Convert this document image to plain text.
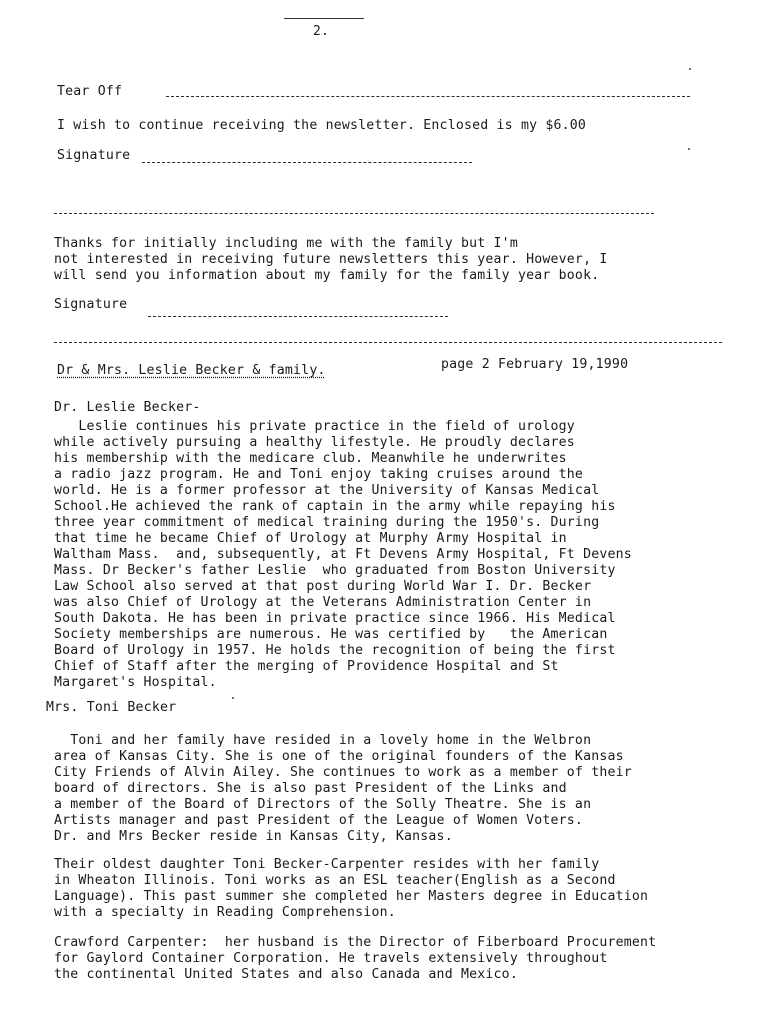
2.
Tear Off
I wish to continue receiving the newsletter. Enclosed is my $6.00
Signature
Thanks for initially including me with the family but I'm
not interested in receiving future newsletters this year. However, I
will send you information about my family for the family year book.
Signature
Dr & Mrs. Leslie Becker & family.	page 2 February 19,1990
Dr. Leslie Becker-
Leslie continues his private practice in the field of urology
while actively pursuing a healthy lifestyle. He proudly declares
his membership with the medicare club. Meanwhile he underwrites
a radio jazz program. He and Toni enjoy taking cruises around the
world. He is a former professor at the University of Kansas Medical
School.He achieved the rank of captain in the army while repaying his
three year commitment of medical training during the 1950's. During
that time he became Chief of Urology at Murphy Army Hospital in
Waltham Mass.  and, subsequently, at Ft Devens Army Hospital, Ft Devens
Mass. Dr Becker's father Leslie  who graduated from Boston University
Law School also served at that post during World War I. Dr. Becker
was also Chief of Urology at the Veterans Administration Center in
South Dakota. He has been in private practice since 1966. His Medical
Society memberships are numerous. He was certified by   the American
Board of Urology in 1957. He holds the recognition of being the first
Chief of Staff after the merging of Providence Hospital and St
Margaret's Hospital.
Mrs. Toni Becker
Toni and her family have resided in a lovely home in the Welbron
area of Kansas City. She is one of the original founders of the Kansas
City Friends of Alvin Ailey. She continues to work as a member of their
board of directors. She is also past President of the Links and
a member of the Board of Directors of the Solly Theatre. She is an
Artists manager and past President of the League of Women Voters.
Dr. and Mrs Becker reside in Kansas City, Kansas.
Their oldest daughter Toni Becker-Carpenter resides with her family
in Wheaton Illinois. Toni works as an ESL teacher(English as a Second
Language). This past summer she completed her Masters degree in Education
with a specialty in Reading Comprehension.
Crawford Carpenter:  her husband is the Director of Fiberboard Procurement
for Gaylord Container Corporation. He travels extensively throughout
the continental United States and also Canada and Mexico.
